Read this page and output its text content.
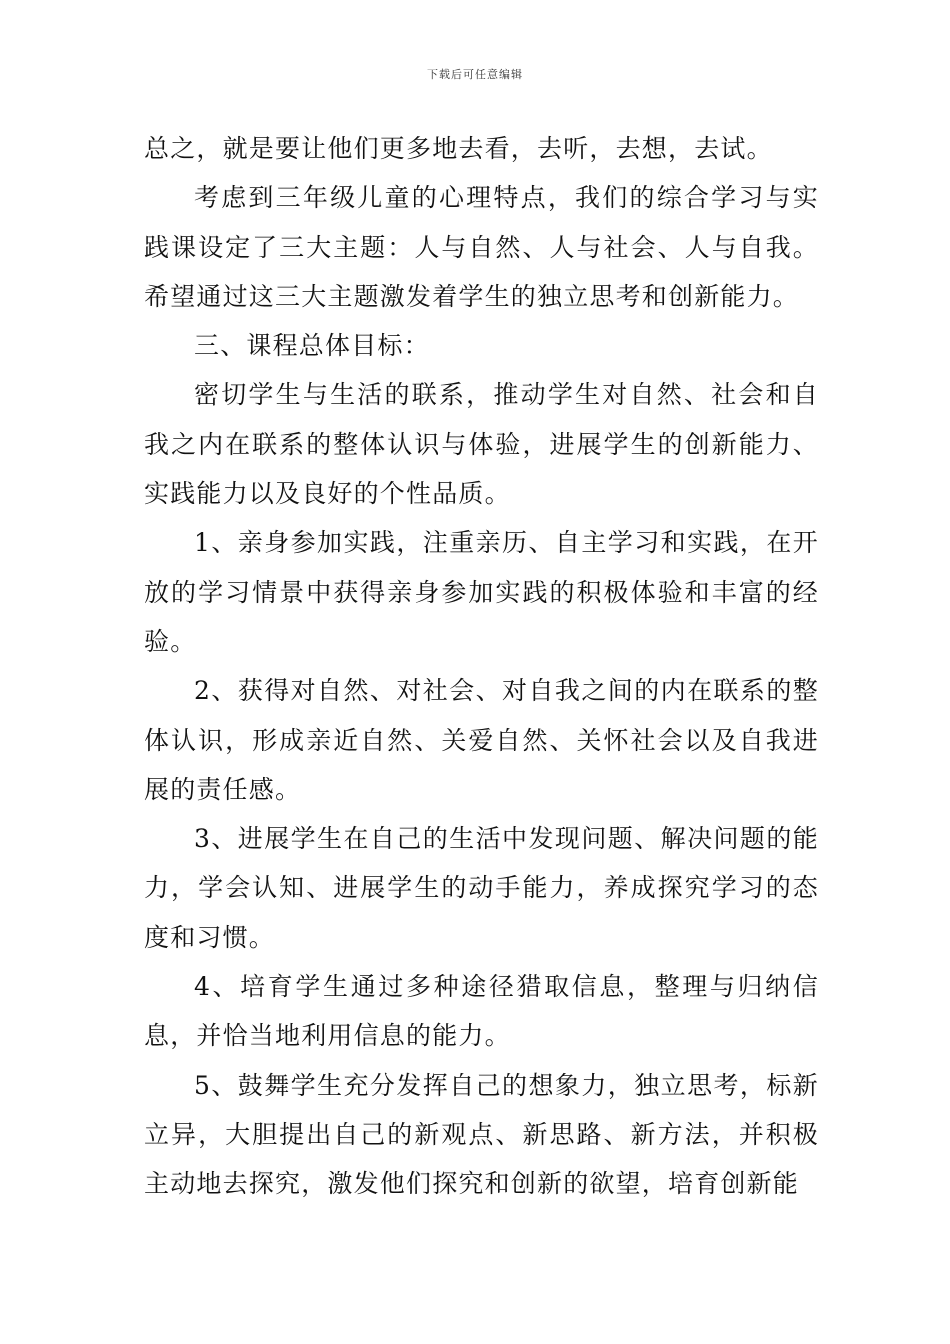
下载后可任意编辑

总之，就是要让他们更多地去看，去听，去想，去试。

考虑到三年级儿童的心理特点，我们的综合学习与实践课设定了三大主题：人与自然、人与社会、人与自我。希望通过这三大主题激发着学生的独立思考和创新能力。

三、课程总体目标：

密切学生与生活的联系，推动学生对自然、社会和自我之内在联系的整体认识与体验，进展学生的创新能力、实践能力以及良好的个性品质。

1、亲身参加实践，注重亲历、自主学习和实践，在开放的学习情景中获得亲身参加实践的积极体验和丰富的经验。

2、获得对自然、对社会、对自我之间的内在联系的整体认识，形成亲近自然、关爱自然、关怀社会以及自我进展的责任感。

3、进展学生在自己的生活中发现问题、解决问题的能力，学会认知、进展学生的动手能力，养成探究学习的态度和习惯。

4、培育学生通过多种途径猎取信息，整理与归纳信息，并恰当地利用信息的能力。

5、鼓舞学生充分发挥自己的想象力，独立思考，标新立异，大胆提出自己的新观点、新思路、新方法，并积极主动地去探究，激发他们探究和创新的欲望，培育创新能
